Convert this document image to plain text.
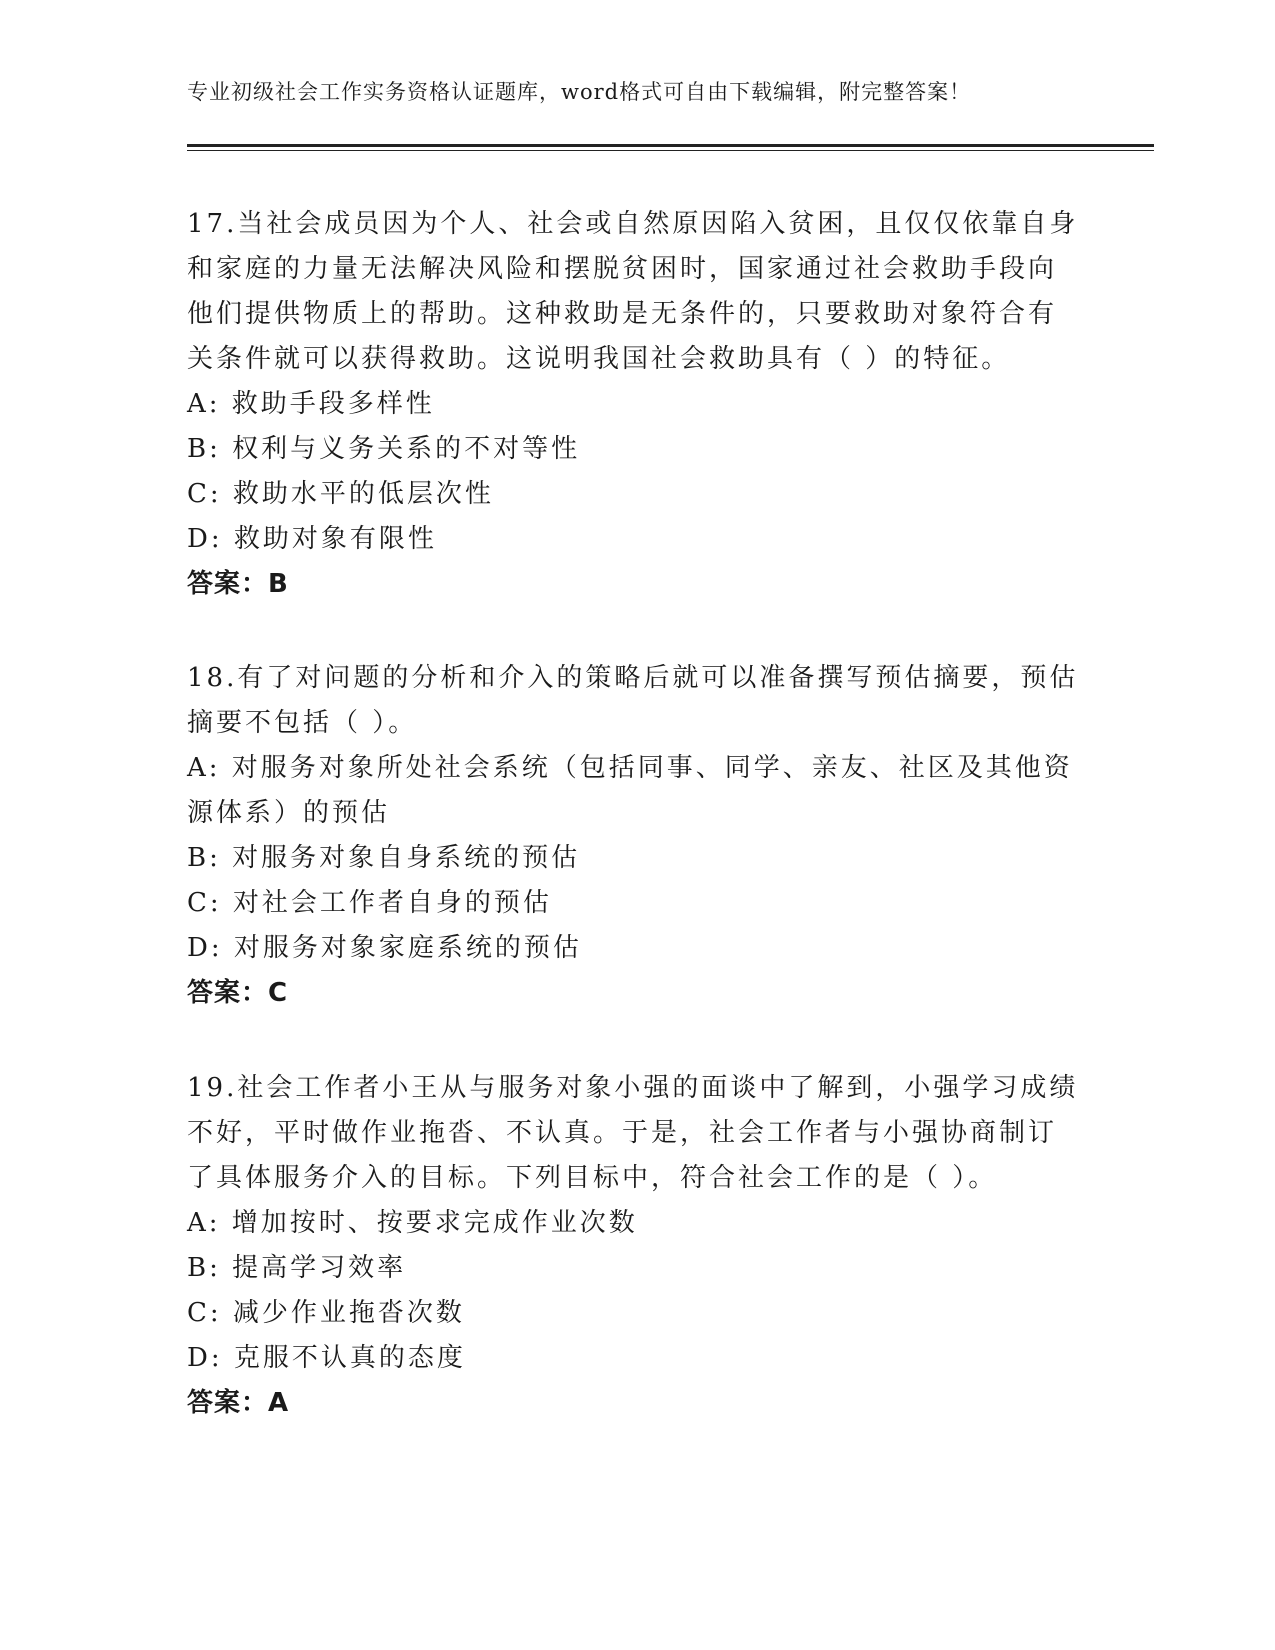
专业初级社会工作实务资格认证题库，word格式可自由下载编辑，附完整答案！
17.当社会成员因为个人、社会或自然原因陷入贫困，且仅仅依靠自身
和家庭的力量无法解决风险和摆脱贫困时，国家通过社会救助手段向
他们提供物质上的帮助。这种救助是无条件的，只要救助对象符合有
关条件就可以获得救助。这说明我国社会救助具有（ ）的特征。
A: 救助手段多样性
B: 权利与义务关系的不对等性
C: 救助水平的低层次性
D: 救助对象有限性
答案：B
18.有了对问题的分析和介入的策略后就可以准备撰写预估摘要，预估
摘要不包括（ ）。
A: 对服务对象所处社会系统（包括同事、同学、亲友、社区及其他资
源体系）的预估
B: 对服务对象自身系统的预估
C: 对社会工作者自身的预估
D: 对服务对象家庭系统的预估
答案：C
19.社会工作者小王从与服务对象小强的面谈中了解到，小强学习成绩
不好，平时做作业拖沓、不认真。于是，社会工作者与小强协商制订
了具体服务介入的目标。下列目标中，符合社会工作的是（ ）。
A: 增加按时、按要求完成作业次数
B: 提高学习效率
C: 减少作业拖沓次数
D: 克服不认真的态度
答案：A
